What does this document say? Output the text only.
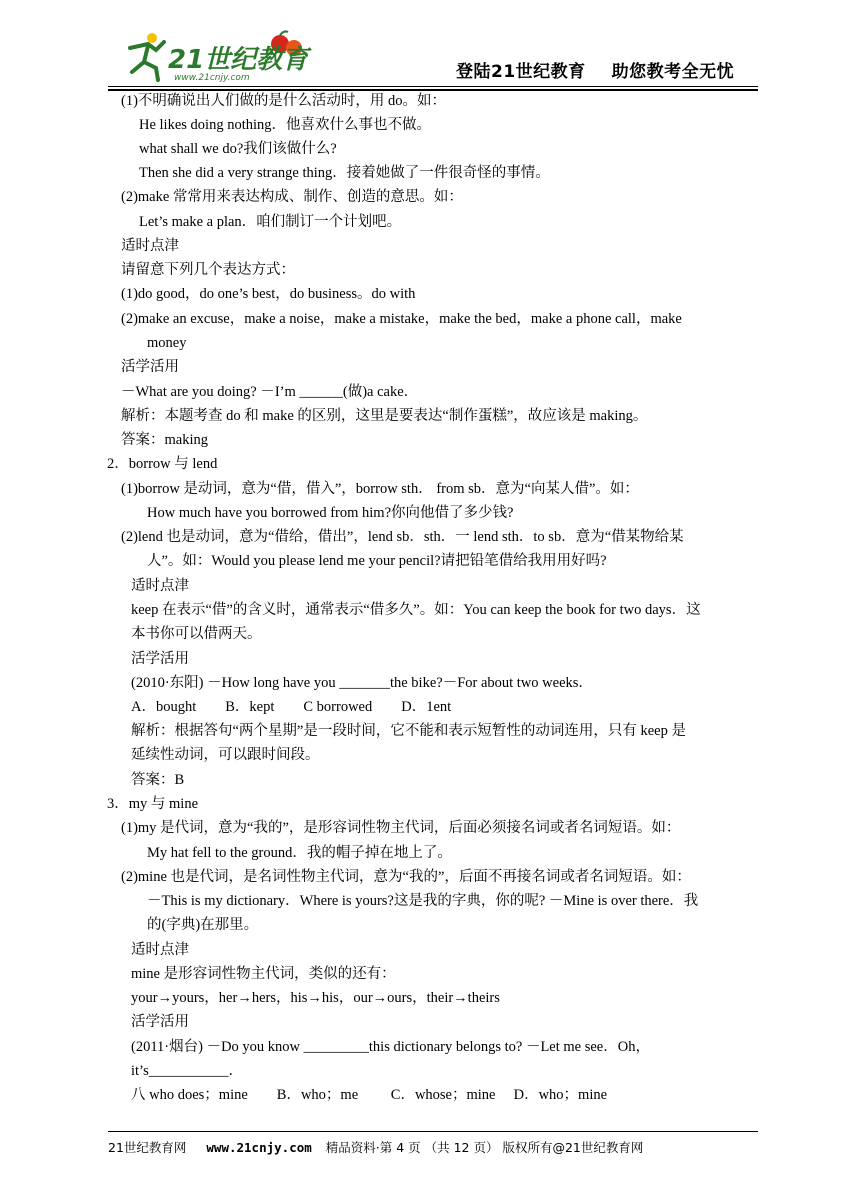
21世纪教育
www.21cnjy.com	登陆21世纪教育 助您教考全无忧
(1)不明确说出人们做的是什么活动时，用 do。如：
He likes doing nothing．他喜欢什么事也不做。
what shall we do?我们该做什么?
Then she did a very strange thing．接着她做了一件很奇怪的事情。
(2)make 常常用来表达构成、制作、创造的意思。如：
Let’s make a plan．咱们制订一个计划吧。
适时点津
请留意下列几个表达方式：
(1)do good，do one’s best，do business。do with
(2)make an excuse，make a noise，make a mistake，make the bed，make a phone call，make
money
活学活用
－What are you doing? －I’m ______(做)a cake．
解析：本题考查 do 和 make 的区别，这里是要表达“制作蛋糕”，故应该是 making。
答案：making
2．borrow 与 lend
(1)borrow 是动词，意为“借，借入”，borrow sth． from sb．意为“向某人借”。如：
How much have you borrowed from him?你向他借了多少钱?
(2)lend 也是动词，意为“借给，借出”，lend sb．sth．一 lend sth．to sb．意为“借某物给某
人”。如：Would you please lend me your pencil?请把铅笔借给我用用好吗?
适时点津
keep 在表示“借”的含义时，通常表示“借多久”。如：You can keep the book for two days．这
本书你可以借两天。
活学活用
(2010·东阳) －How long have you _______the bike?－For about two weeks．
A．bought　　B．kept　　C borrowed　　D．1ent
解析：根据答句“两个星期”是一段时间，它不能和表示短暂性的动词连用，只有 keep 是
延续性动词，可以跟时间段。
答案：B
3．my 与 mine
(1)my 是代词，意为“我的”，是形容词性物主代词，后面必须接名词或者名词短语。如：
My hat fell to the ground．我的帽子掉在地上了。
(2)mine 也是代词，是名词性物主代词，意为“我的”，后面不再接名词或者名词短语。如：
－This is my dictionary．Where is yours?这是我的字典，你的呢? －Mine is over there．我
的(字典)在那里。
适时点津
mine 是形容词性物主代词，类似的还有：
your→yours，her→hers，his→his，our→ours，their→theirs
活学活用
(2011·烟台) －Do you know _________this dictionary belongs to? －Let me see．Oh，
it’s___________．
八 who does；mine　　B．who；me　　 C．whose；mine　 D．who；mine
21世纪教育网 www.21cnjy.com 精品资料·第 4 页 （共 12 页） 版权所有@21世纪教育网
